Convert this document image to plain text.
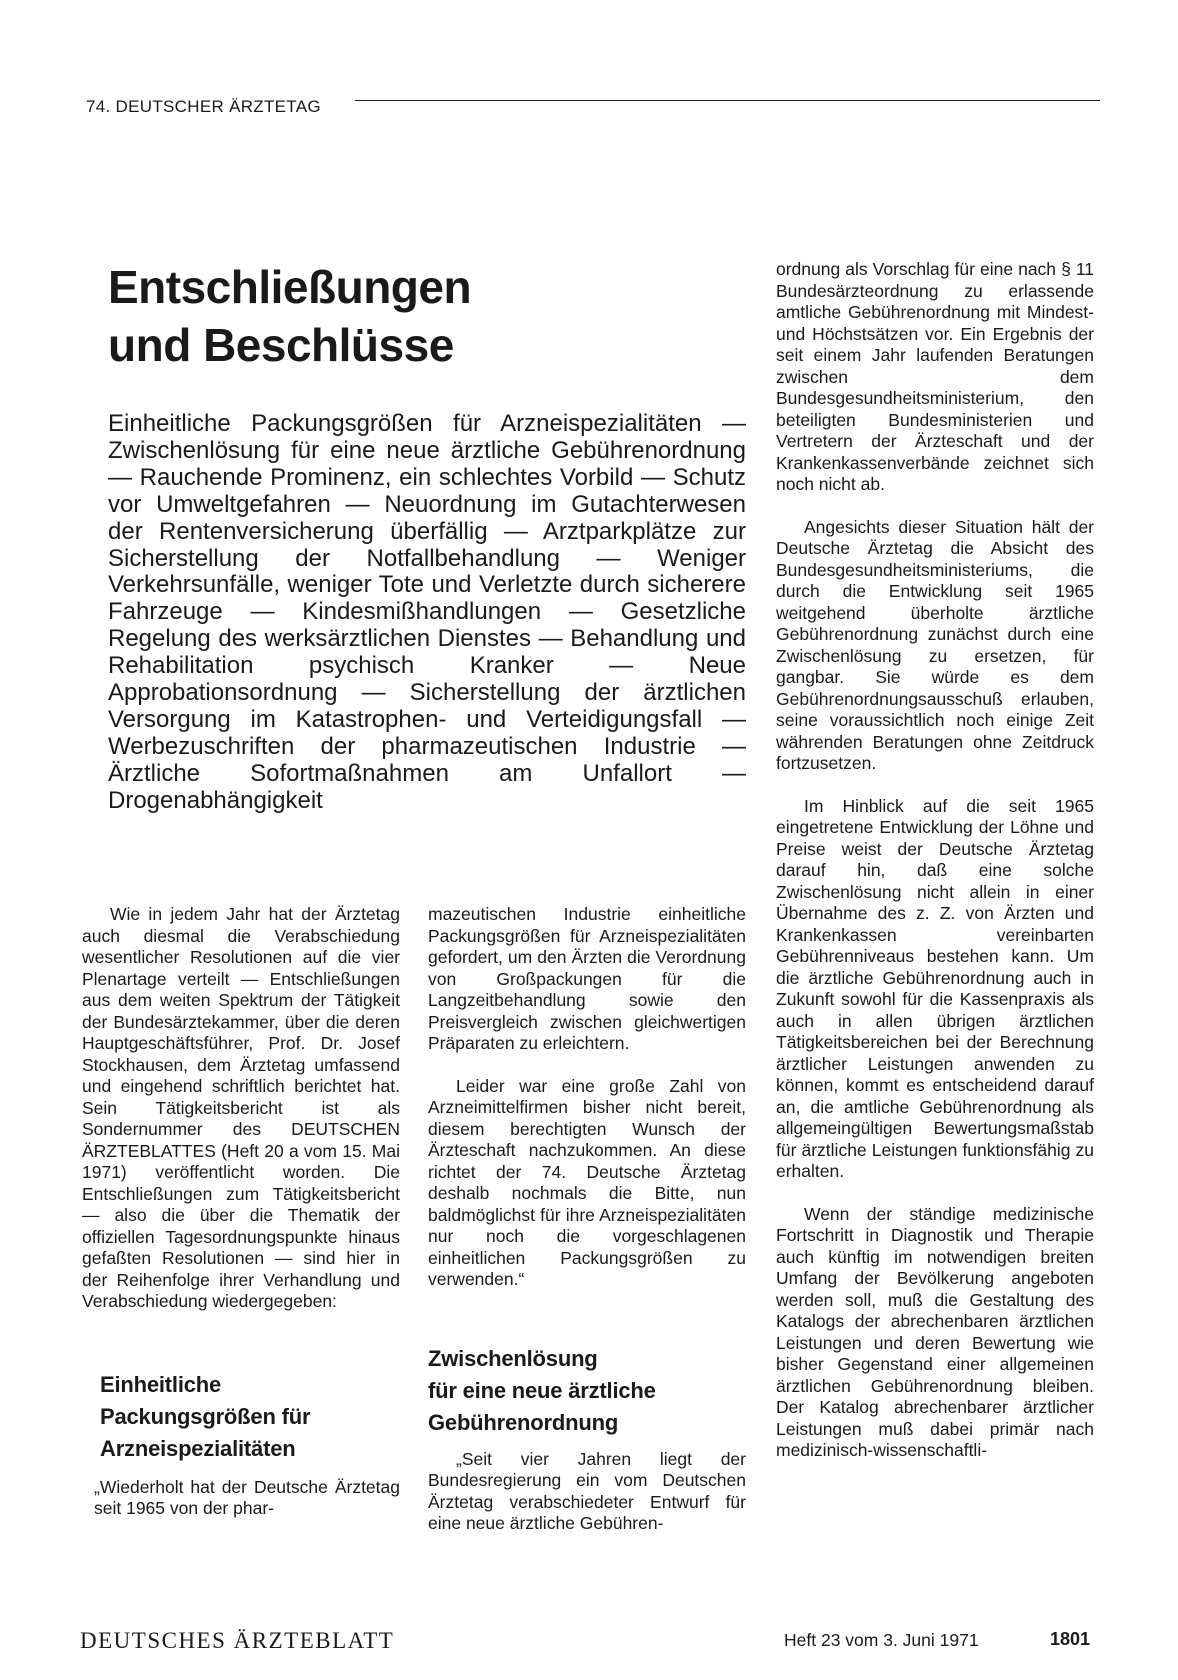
74. DEUTSCHER ÄRZTETAG
Entschließungen
und Beschlüsse
Einheitliche Packungsgrößen für Arzneispezialitäten — Zwischenlösung für eine neue ärztliche Gebührenordnung — Rauchende Prominenz, ein schlechtes Vorbild — Schutz vor Umweltgefahren — Neuordnung im Gutachterwesen der Rentenversicherung überfällig — Arztparkplätze zur Sicherstellung der Notfallbehandlung — Weniger Verkehrsunfälle, weniger Tote und Verletzte durch sicherere Fahrzeuge — Kindesmißhandlungen — Gesetzliche Regelung des werksärztlichen Dienstes — Behandlung und Rehabilitation psychisch Kranker — Neue Approbationsordnung — Sicherstellung der ärztlichen Versorgung im Katastrophen- und Verteidigungsfall — Werbezuschriften der pharmazeutischen Industrie — Ärztliche Sofortmaßnahmen am Unfallort — Drogenabhängigkeit

Wie in jedem Jahr hat der Ärztetag auch diesmal die Verabschiedung wesentlicher Resolutionen auf die vier Plenartage verteilt — Entschließungen aus dem weiten Spektrum der Tätigkeit der Bundesärztekammer, über die deren Hauptgeschäftsführer, Prof. Dr. Josef Stockhausen, dem Ärztetag umfassend und eingehend schriftlich berichtet hat. Sein Tätigkeitsbericht ist als Sondernummer des DEUTSCHEN ÄRZTEBLATTES (Heft 20 a vom 15. Mai 1971) veröffentlicht worden. Die Entschließungen zum Tätigkeitsbericht — also die über die Thematik der offiziellen Tagesordnungspunkte hinaus gefaßten Resolutionen — sind hier in der Reihenfolge ihrer Verhandlung und Verabschiedung wiedergegeben:

Einheitliche
Packungsgrößen für
Arzneispezialitäten

„Wiederholt hat der Deutsche Ärztetag seit 1965 von der phar-

mazeutischen Industrie einheitliche Packungsgrößen für Arzneispezialitäten gefordert, um den Ärzten die Verordnung von Großpackungen für die Langzeitbehandlung sowie den Preisvergleich zwischen gleichwertigen Präparaten zu erleichtern.

Leider war eine große Zahl von Arzneimittelfirmen bisher nicht bereit, diesem berechtigten Wunsch der Ärzteschaft nachzukommen. An diese richtet der 74. Deutsche Ärztetag deshalb nochmals die Bitte, nun baldmöglichst für ihre Arzneispezialitäten nur noch die vorgeschlagenen einheitlichen Packungsgrößen zu verwenden.“

Zwischenlösung
für eine neue ärztliche
Gebührenordnung

„Seit vier Jahren liegt der Bundesregierung ein vom Deutschen Ärztetag verabschiedeter Entwurf für eine neue ärztliche Gebühren-

ordnung als Vorschlag für eine nach § 11 Bundesärzteordnung zu erlassende amtliche Gebührenordnung mit Mindest- und Höchstsätzen vor. Ein Ergebnis der seit einem Jahr laufenden Beratungen zwischen dem Bundesgesundheitsministerium, den beteiligten Bundesministerien und Vertretern der Ärzteschaft und der Krankenkassenverbände zeichnet sich noch nicht ab.

Angesichts dieser Situation hält der Deutsche Ärztetag die Absicht des Bundesgesundheitsministeriums, die durch die Entwicklung seit 1965 weitgehend überholte ärztliche Gebührenordnung zunächst durch eine Zwischenlösung zu ersetzen, für gangbar. Sie würde es dem Gebührenordnungsausschuß erlauben, seine voraussichtlich noch einige Zeit währenden Beratungen ohne Zeitdruck fortzusetzen.

Im Hinblick auf die seit 1965 eingetretene Entwicklung der Löhne und Preise weist der Deutsche Ärztetag darauf hin, daß eine solche Zwischenlösung nicht allein in einer Übernahme des z. Z. von Ärzten und Krankenkassen vereinbarten Gebührenniveaus bestehen kann. Um die ärztliche Gebührenordnung auch in Zukunft sowohl für die Kassenpraxis als auch in allen übrigen ärztlichen Tätigkeitsbereichen bei der Berechnung ärztlicher Leistungen anwenden zu können, kommt es entscheidend darauf an, die amtliche Gebührenordnung als allgemeingültigen Bewertungsmaßstab für ärztliche Leistungen funktionsfähig zu erhalten.

Wenn der ständige medizinische Fortschritt in Diagnostik und Therapie auch künftig im notwendigen breiten Umfang der Bevölkerung angeboten werden soll, muß die Gestaltung des Katalogs der abrechenbaren ärztlichen Leistungen und deren Bewertung wie bisher Gegenstand einer allgemeinen ärztlichen Gebührenordnung bleiben. Der Katalog abrechenbarer ärztlicher Leistungen muß dabei primär nach medizinisch-wissenschaftli-

DEUTSCHES ÄRZTEBLATT	Heft 23 vom 3. Juni 1971	1801
